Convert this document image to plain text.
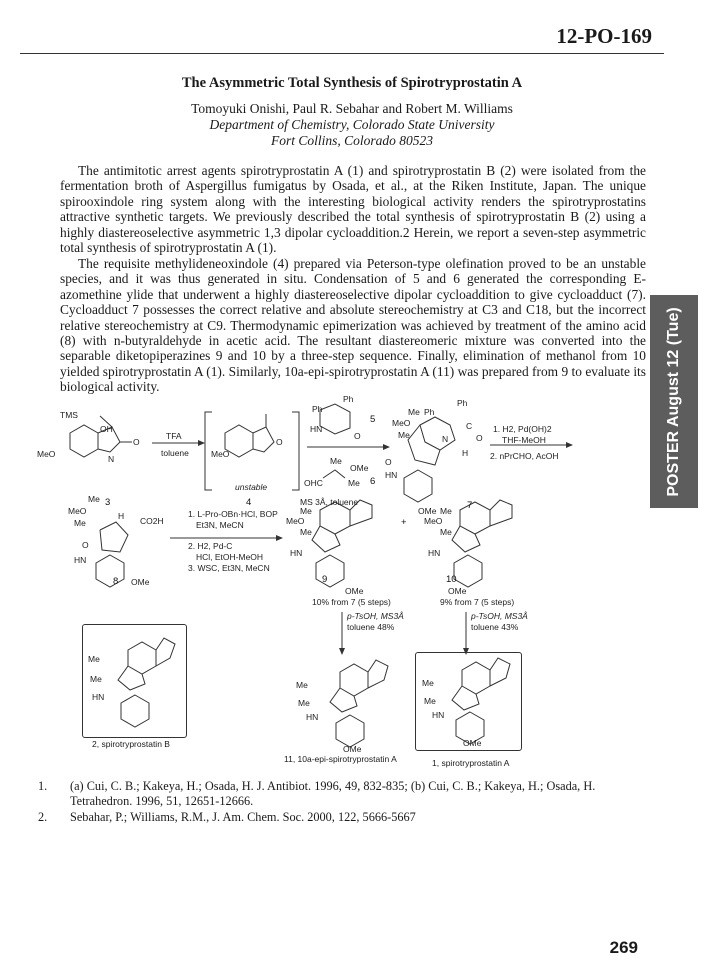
12-PO-169
The Asymmetric Total Synthesis of Spirotryprostatin A
Tomoyuki Onishi, Paul R. Sebahar and Robert M. Williams
Department of Chemistry, Colorado State University
Fort Collins, Colorado 80523

The antimitotic arrest agents spirotryprostatin A (1) and spirotryprostatin B (2) were isolated from the fermentation broth of Aspergillus fumigatus by Osada, et al., at the Riken Institute, Japan. The unique spirooxindole ring system along with the interesting biological activity renders the spirotryprostatins attractive synthetic targets. We previously described the total synthesis of spirotryprostatin B (2) using a highly diastereoselective asymmetric 1,3 dipolar cycloaddition.2 Herein, we report a seven-step asymmetric total synthesis of spirotryprostatin A (1).

The requisite methylideneoxindole (4) prepared via Peterson-type olefination proved to be an unstable species, and it was thus generated in situ. Condensation of 5 and 6 generated the corresponding E-azomethine ylide that underwent a highly diastereoselective dipolar cycloaddition to give cycloadduct (7). Cycloadduct 7 possesses the correct relative and absolute stereochemistry at C3 and C18, but the incorrect relative stereochemistry at C9. Thermodynamic epimerization was achieved by treatment of the amino acid (8) with n-butyraldehyde in acetic acid. The resultant diastereomeric mixture was converted into the separable diketopiperazines 9 and 10 by a three-step sequence. Finally, elimination of methanol from 10 yielded spirotryprostatin A (1). Similarly, 10a-epi-spirotryprostatin A (11) was prepared from 9 to evaluate its biological activity.	POSTER August 12 (Tue)
TMS
OH
O
MeO	N
3
TFA
toluene	MeO
O
unstable
4
Ph
Ph
HN
O
5
Me
OMe
OHC	Me 6
MS 3Å, toluene
Me Ph
Ph
MeO
Me	N
C
O
H
O
HN
OMe	7
1. H2, Pd(OH)2
THF-MeOH
2. nPrCHO, AcOH
Me
MeO
Me
H CO2H
O
HN
8 OMe
1. L-Pro-OBn·HCl, BOP
Et3N, MeCN
2. H2, Pd-C
HCl, EtOH-MeOH
3. WSC, Et3N, MeCN
Me
MeO
Me
HN
9
OMe
10% from 7 (5 steps)
+
Me
MeO
Me
HN
10
OMe
9% from 7 (5 steps)
p-TsOH, MS3Å
toluene 48%
p-TsOH, MS3Å
toluene 43%
Me
Me
HN
2, spirotryprostatin B
Me
Me
HN
OMe
11, 10a-epi-spirotryprostatin A
Me
Me
HN
OMe
1, spirotryprostatin A
1. (a) Cui, C. B.; Kakeya, H.; Osada, H. J. Antibiot. 1996, 49, 832-835; (b) Cui, C. B.; Kakeya, H.; Osada, H. Tetrahedron. 1996, 51, 12651-12666.
2. Sebahar, P.; Williams, R.M., J. Am. Chem. Soc. 2000, 122, 5666-5667
269
